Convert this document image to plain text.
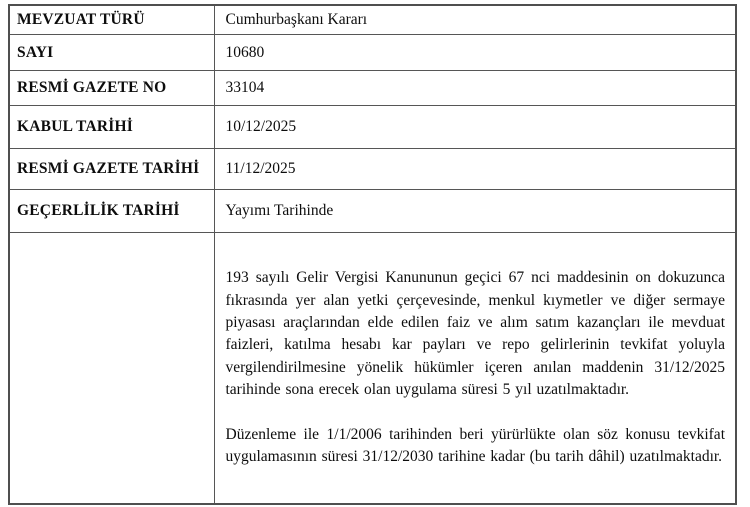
MEVZUAT TÜRÜ	Cumhurbaşkanı Kararı
SAYI	10680
RESMİ GAZETE NO	33104
KABUL TARİHİ	10/12/2025
RESMİ GAZETE TARİHİ	11/12/2025
GEÇERLİLİK TARİHİ	Yayımı Tarihinde

	193 sayılı Gelir Vergisi Kanununun geçici 67 nci maddesinin on dokuzunca fıkrasında yer alan yetki çerçevesinde, menkul kıymetler ve diğer sermaye piyasası araçlarından elde edilen faiz ve alım satım kazançları ile mevduat faizleri, katılma hesabı kar payları ve repo gelirlerinin tevkifat yoluyla vergilendirilmesine yönelik hükümler içeren anılan maddenin 31/12/2025 tarihinde sona erecek olan uygulama süresi 5 yıl uzatılmaktadır.

Düzenleme ile 1/1/2006 tarihinden beri yürürlükte olan söz konusu tevkifat uygulamasının süresi 31/12/2030 tarihine kadar (bu tarih dâhil) uzatılmaktadır.
